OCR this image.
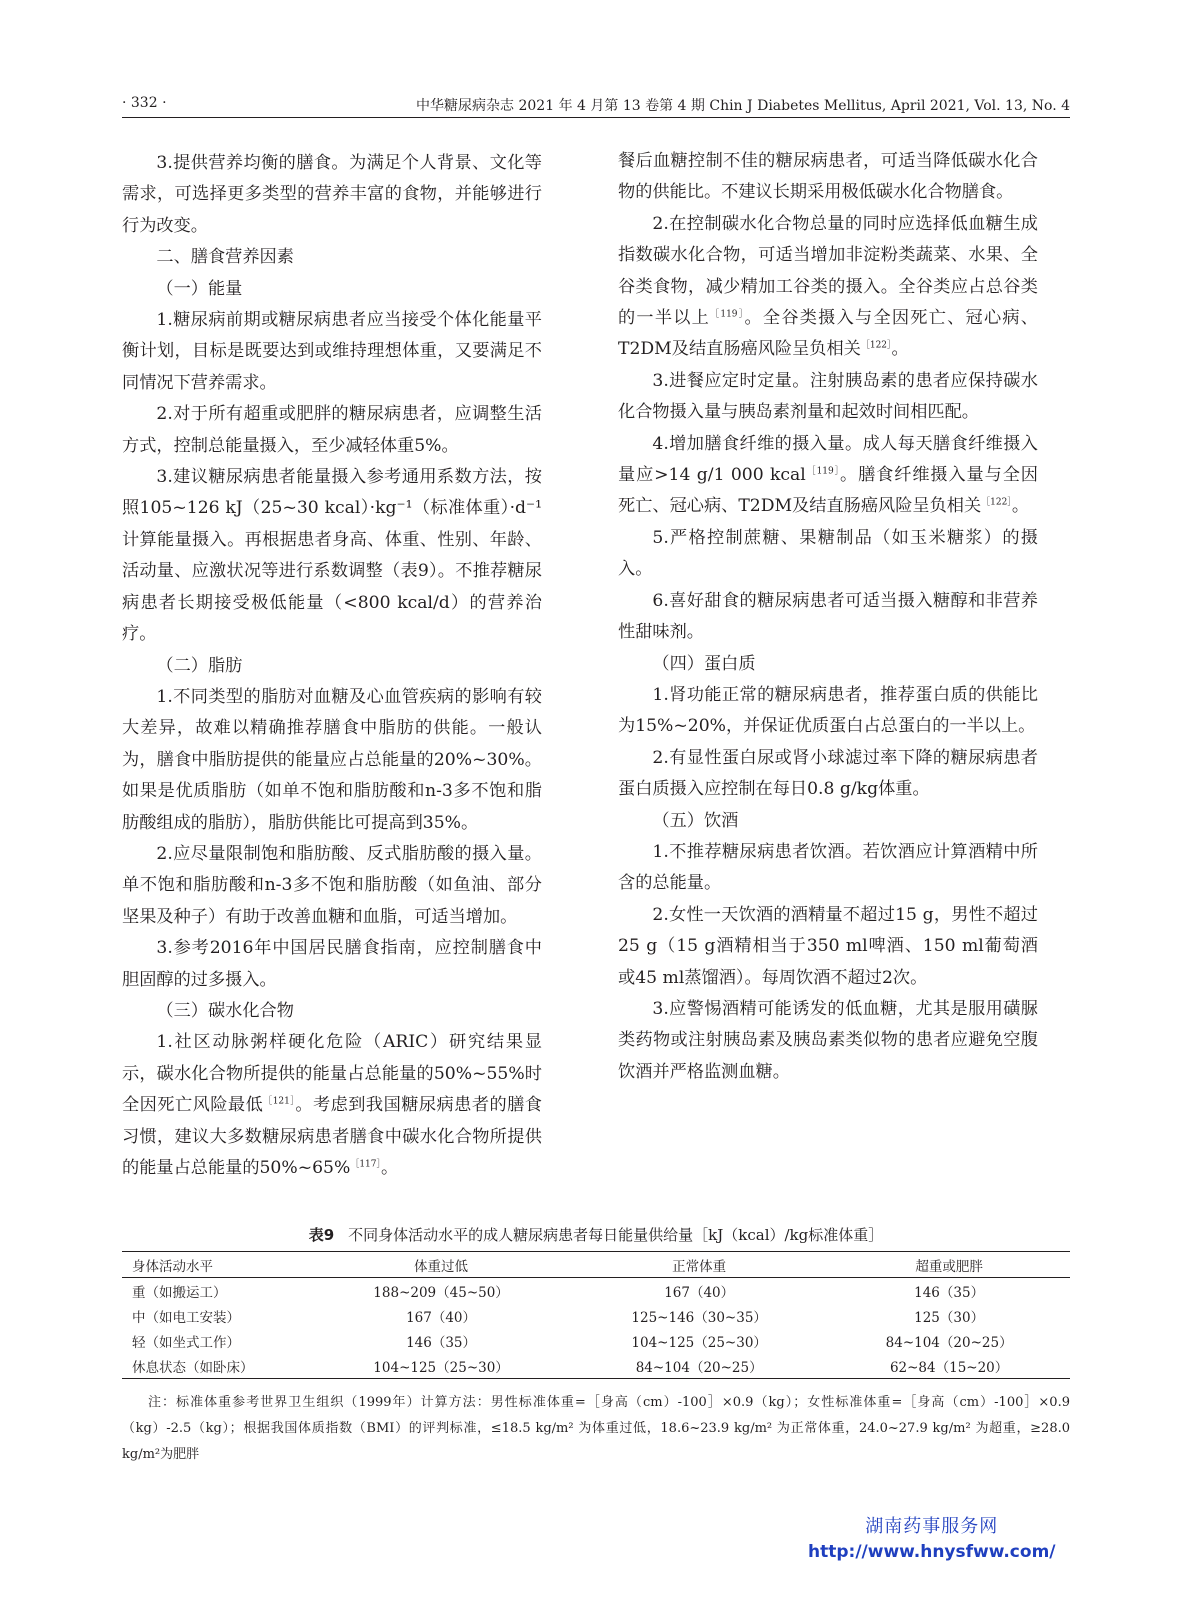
· 332 ·	中华糖尿病杂志 2021 年 4 月第 13 卷第 4 期 Chin J Diabetes Mellitus, April 2021, Vol. 13, No. 4

3.提供营养均衡的膳食。为满足个人背景、文化等需求，可选择更多类型的营养丰富的食物，并能够进行行为改变。

二、膳食营养因素

（一）能量

1.糖尿病前期或糖尿病患者应当接受个体化能量平衡计划，目标是既要达到或维持理想体重，又要满足不同情况下营养需求。

2.对于所有超重或肥胖的糖尿病患者，应调整生活方式，控制总能量摄入，至少减轻体重5%。

3.建议糖尿病患者能量摄入参考通用系数方法，按照105~126 kJ（25~30 kcal）·kg⁻¹（标准体重）·d⁻¹计算能量摄入。再根据患者身高、体重、性别、年龄、活动量、应激状况等进行系数调整（表9）。不推荐糖尿病患者长期接受极低能量（<800 kcal/d）的营养治疗。

（二）脂肪

1.不同类型的脂肪对血糖及心血管疾病的影响有较大差异，故难以精确推荐膳食中脂肪的供能。一般认为，膳食中脂肪提供的能量应占总能量的20%~30%。如果是优质脂肪（如单不饱和脂肪酸和n-3多不饱和脂肪酸组成的脂肪），脂肪供能比可提高到35%。

2.应尽量限制饱和脂肪酸、反式脂肪酸的摄入量。单不饱和脂肪酸和n-3多不饱和脂肪酸（如鱼油、部分坚果及种子）有助于改善血糖和血脂，可适当增加。

3.参考2016年中国居民膳食指南，应控制膳食中胆固醇的过多摄入。

（三）碳水化合物

1.社区动脉粥样硬化危险（ARIC）研究结果显示，碳水化合物所提供的能量占总能量的50%~55%时全因死亡风险最低$^{[121]}$。考虑到我国糖尿病患者的膳食习惯，建议大多数糖尿病患者膳食中碳水化合物所提供的能量占总能量的50%~65%$^{[117]}$。

餐后血糖控制不佳的糖尿病患者，可适当降低碳水化合物的供能比。不建议长期采用极低碳水化合物膳食。

2.在控制碳水化合物总量的同时应选择低血糖生成指数碳水化合物，可适当增加非淀粉类蔬菜、水果、全谷类食物，减少精加工谷类的摄入。全谷类应占总谷类的一半以上$^{[119]}$。全谷类摄入与全因死亡、冠心病、T2DM及结直肠癌风险呈负相关$^{[122]}$。

3.进餐应定时定量。注射胰岛素的患者应保持碳水化合物摄入量与胰岛素剂量和起效时间相匹配。

4.增加膳食纤维的摄入量。成人每天膳食纤维摄入量应>14 g/1 000 kcal$^{[119]}$。膳食纤维摄入量与全因死亡、冠心病、T2DM及结直肠癌风险呈负相关$^{[122]}$。

5.严格控制蔗糖、果糖制品（如玉米糖浆）的摄入。

6.喜好甜食的糖尿病患者可适当摄入糖醇和非营养性甜味剂。

（四）蛋白质

1.肾功能正常的糖尿病患者，推荐蛋白质的供能比为15%~20%，并保证优质蛋白占总蛋白的一半以上。

2.有显性蛋白尿或肾小球滤过率下降的糖尿病患者蛋白质摄入应控制在每日0.8 g/kg体重。

（五）饮酒

1.不推荐糖尿病患者饮酒。若饮酒应计算酒精中所含的总能量。

2.女性一天饮酒的酒精量不超过15 g，男性不超过25 g（15 g酒精相当于350 ml啤酒、150 ml葡萄酒或45 ml蒸馏酒）。每周饮酒不超过2次。

3.应警惕酒精可能诱发的低血糖，尤其是服用磺脲类药物或注射胰岛素及胰岛素类似物的患者应避免空腹饮酒并严格监测血糖。

表9 不同身体活动水平的成人糖尿病患者每日能量供给量［kJ（kcal）/kg标准体重］
身体活动水平	体重过低	正常体重	超重或肥胖
重（如搬运工）	188~209（45~50）	167（40）	146（35）
中（如电工安装）	167（40）	125~146（30~35）	125（30）
轻（如坐式工作）	146（35）	104~125（25~30）	84~104（20~25）
休息状态（如卧床）	104~125（25~30）	84~104（20~25）	62~84（15~20）

注：标准体重参考世界卫生组织（1999年）计算方法：男性标准体重=［身高（cm）-100］×0.9（kg）；女性标准体重=［身高（cm）-100］×0.9（kg）-2.5（kg）；根据我国体质指数（BMI）的评判标准，≤18.5 kg/m² 为体重过低，18.6~23.9 kg/m² 为正常体重，24.0~27.9 kg/m² 为超重，≥28.0 kg/m²为肥胖

湖南药事服务网
http://www.hnysfww.com/
